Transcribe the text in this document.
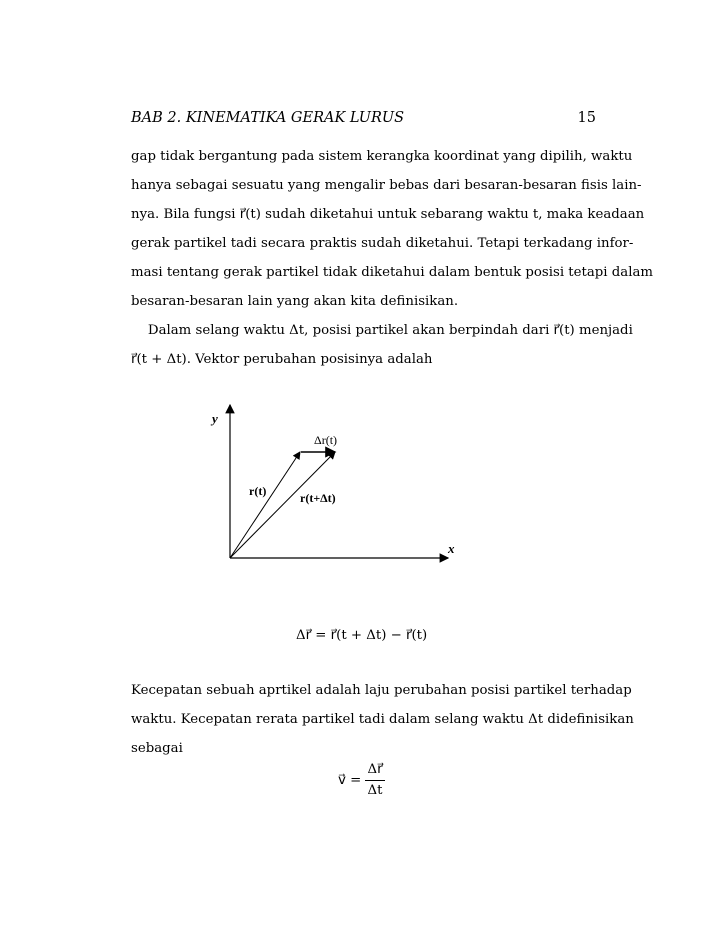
BAB 2. KINEMATIKA GERAK LURUS	15
gap tidak bergantung pada sistem kerangka koordinat yang dipilih, waktu
hanya sebagai sesuatu yang mengalir bebas dari besaran-besaran fisis lain-
nya. Bila fungsi r⃗(t) sudah diketahui untuk sebarang waktu t, maka keadaan
gerak partikel tadi secara praktis sudah diketahui. Tetapi terkadang infor-
masi tentang gerak partikel tidak diketahui dalam bentuk posisi tetapi dalam
besaran-besaran lain yang akan kita definisikan.
Dalam selang waktu Δt, posisi partikel akan berpindah dari r⃗(t) menjadi
r⃗(t + Δt). Vektor perubahan posisinya adalah
y
x
r(t)	r(t+Δt)
Δr(t)
Δr⃗ = r⃗(t + Δt) − r⃗(t)
Kecepatan sebuah aprtikel adalah laju perubahan posisi partikel terhadap
waktu. Kecepatan rerata partikel tadi dalam selang waktu Δt didefinisikan
sebagai
v⃗ = $\frac{\Delta r⃗}{\Delta t}$
